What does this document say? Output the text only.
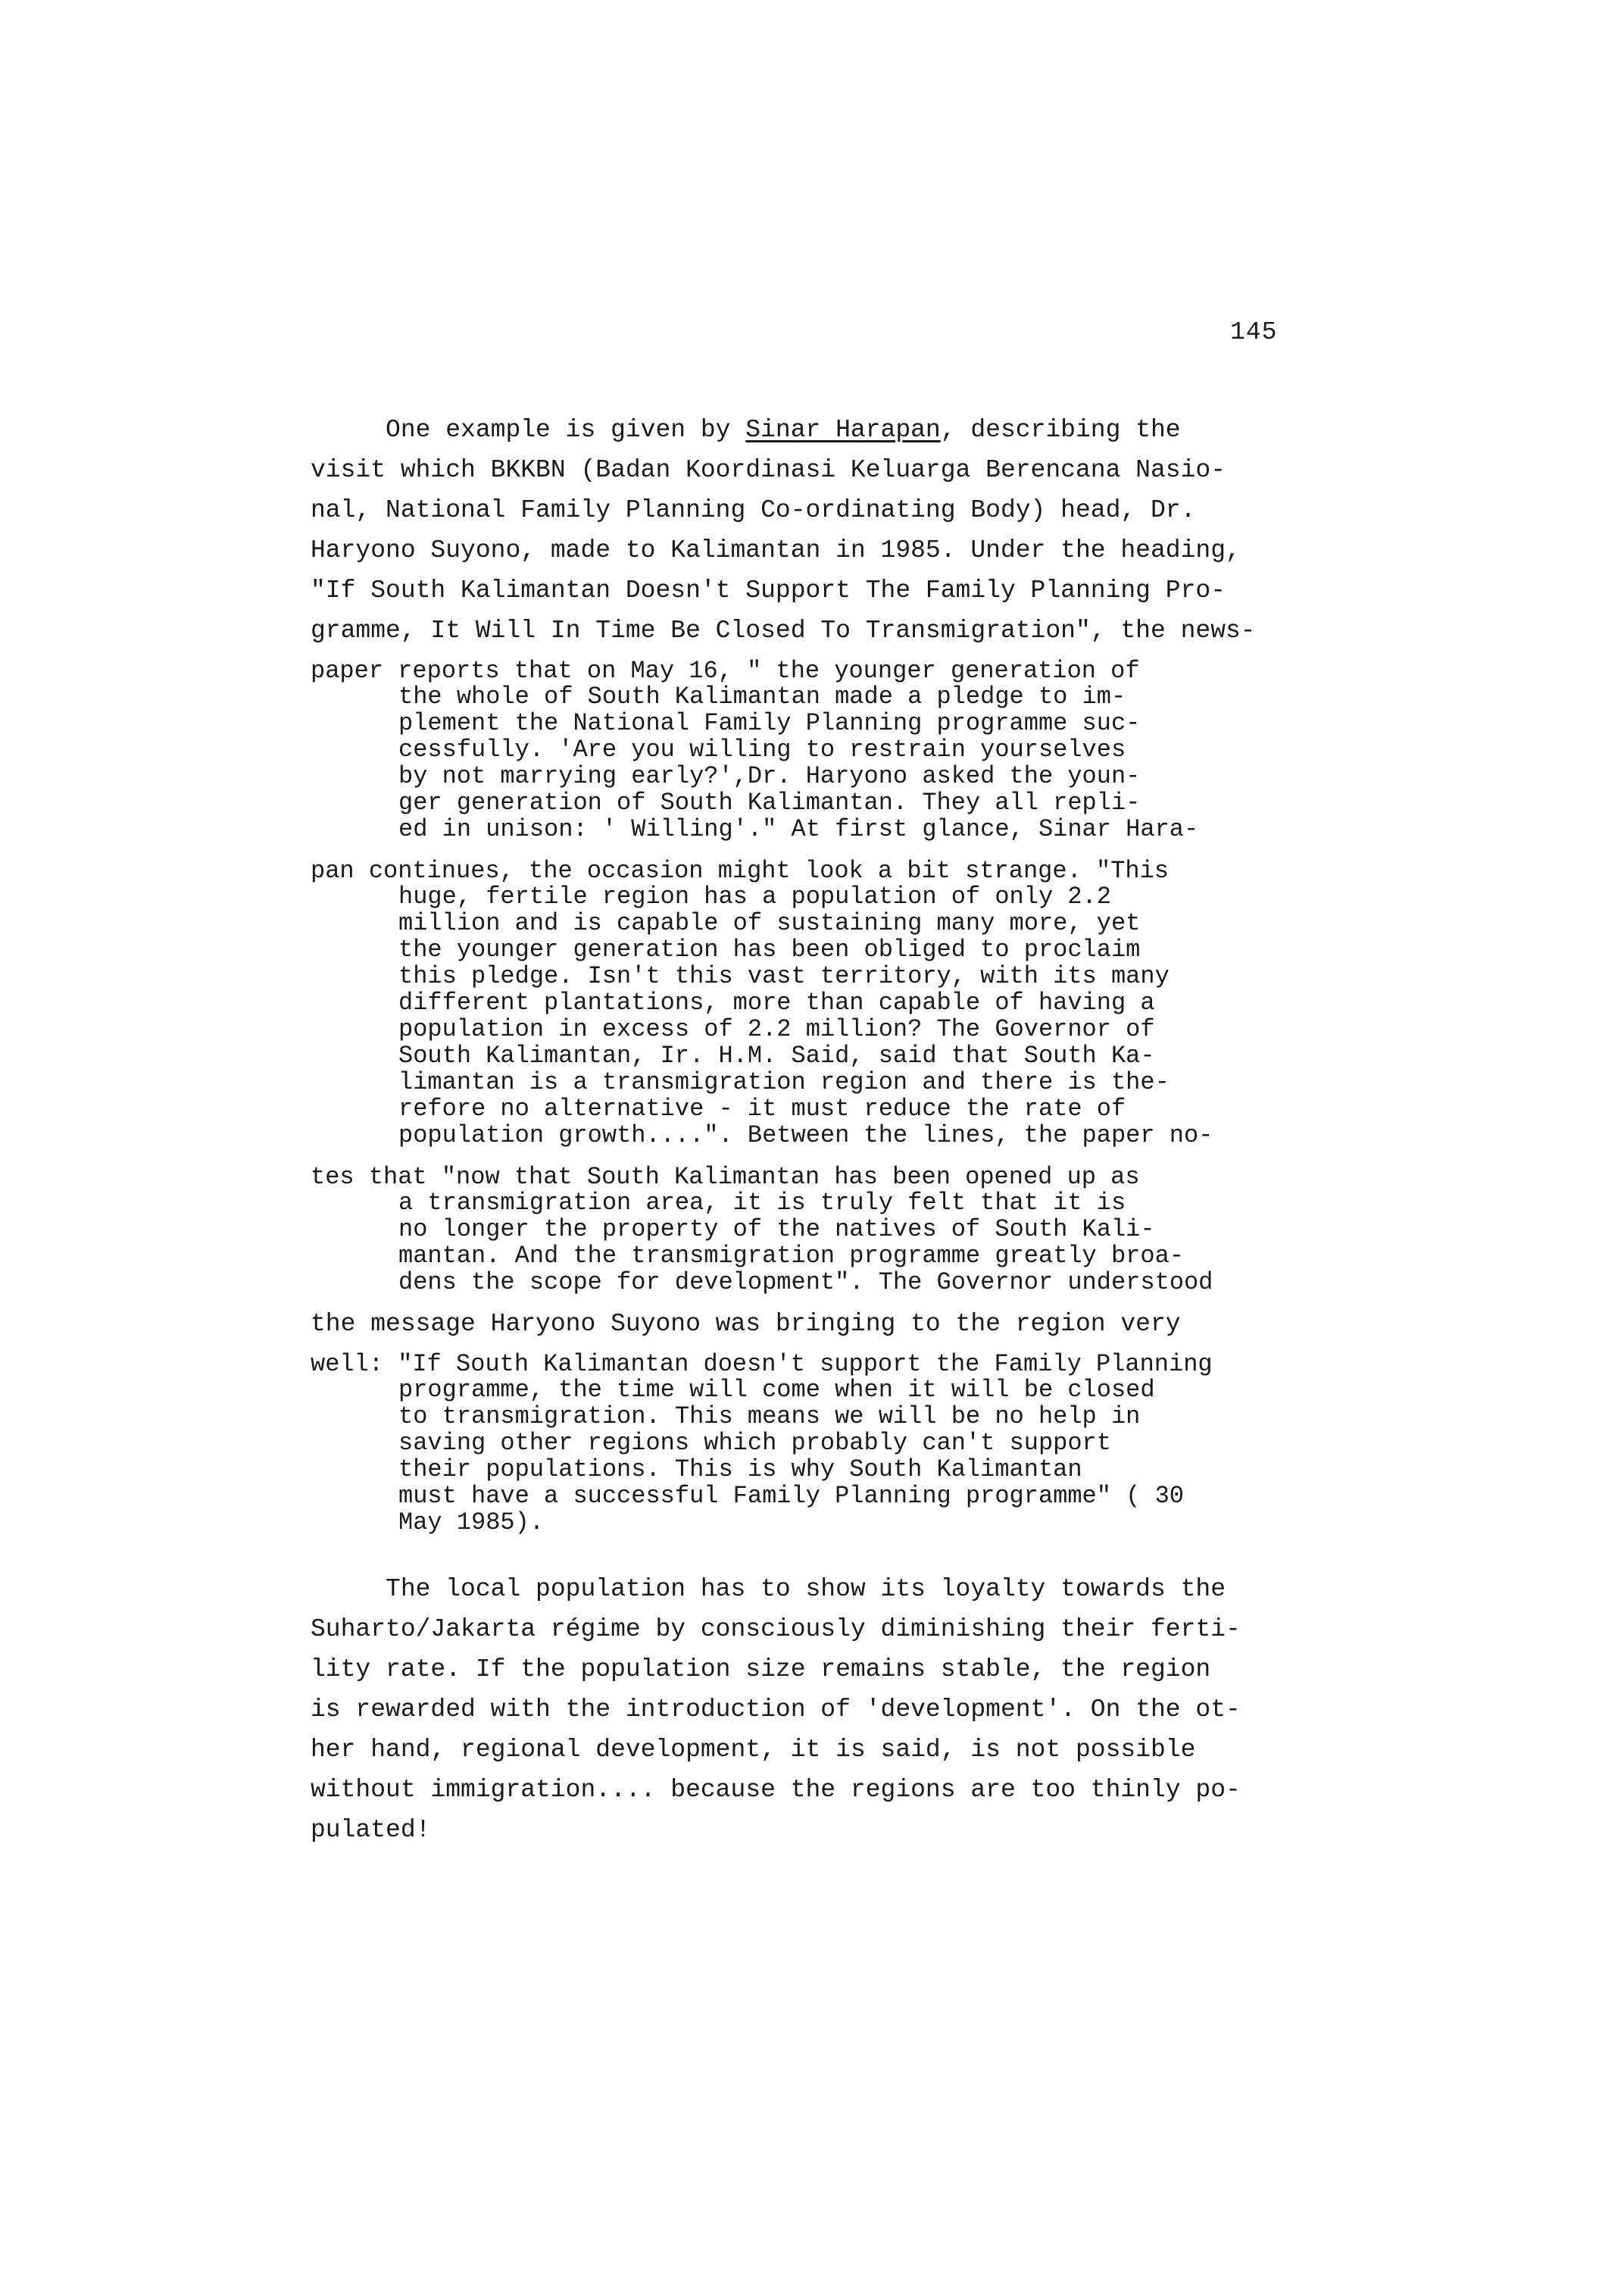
145
One example is given by Sinar Harapan, describing the
visit which BKKBN (Badan Koordinasi Keluarga Berencana Nasio-
nal, National Family Planning Co-ordinating Body) head, Dr.
Haryono Suyono, made to Kalimantan in 1985. Under the heading,
"If South Kalimantan Doesn't Support The Family Planning Pro-
gramme, It Will In Time Be Closed To Transmigration", the news-
paper reports that on May 16, " the younger generation of
the whole of South Kalimantan made a pledge to im-
plement the National Family Planning programme suc-
cessfully. 'Are you willing to restrain yourselves
by not marrying early?',Dr. Haryono asked the youn-
ger generation of South Kalimantan. They all repli-
ed in unison: ' Willing'." At first glance, Sinar Hara-
pan continues, the occasion might look a bit strange. "This
huge, fertile region has a population of only 2.2
million and is capable of sustaining many more, yet
the younger generation has been obliged to proclaim
this pledge. Isn't this vast territory, with its many
different plantations, more than capable of having a
population in excess of 2.2 million? The Governor of
South Kalimantan, Ir. H.M. Said, said that South Ka-
limantan is a transmigration region and there is the-
refore no alternative - it must reduce the rate of
population growth....". Between the lines, the paper no-
tes that "now that South Kalimantan has been opened up as
a transmigration area, it is truly felt that it is
no longer the property of the natives of South Kali-
mantan. And the transmigration programme greatly broa-
dens the scope for development". The Governor understood
the message Haryono Suyono was bringing to the region very
well: "If South Kalimantan doesn't support the Family Planning
programme, the time will come when it will be closed
to transmigration. This means we will be no help in
saving other regions which probably can't support
their populations. This is why South Kalimantan
must have a successful Family Planning programme" ( 30
May 1985).
The local population has to show its loyalty towards the
Suharto/Jakarta régime by consciously diminishing their ferti-
lity rate. If the population size remains stable, the region
is rewarded with the introduction of 'development'. On the ot-
her hand, regional development, it is said, is not possible
without immigration.... because the regions are too thinly po-
pulated!
